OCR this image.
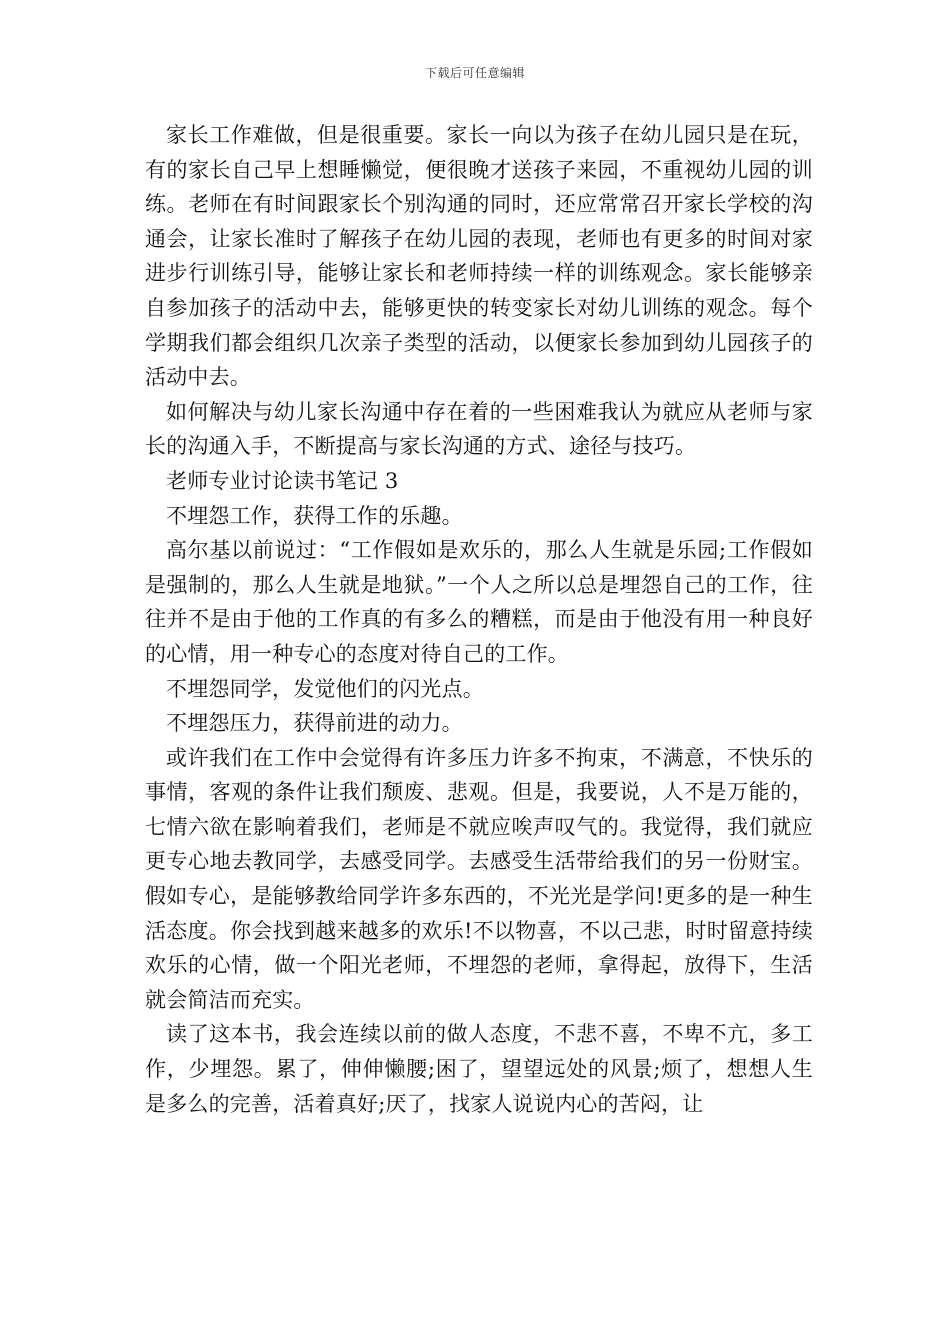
下载后可任意编辑

家长工作难做，但是很重要。家长一向以为孩子在幼儿园只是在玩，有的家长自己早上想睡懒觉，便很晚才送孩子来园，不重视幼儿园的训练。老师在有时间跟家长个别沟通的同时，还应常常召开家长学校的沟通会，让家长准时了解孩子在幼儿园的表现，老师也有更多的时间对家进步行训练引导，能够让家长和老师持续一样的训练观念。家长能够亲自参加孩子的活动中去，能够更快的转变家长对幼儿训练的观念。每个学期我们都会组织几次亲子类型的活动，以便家长参加到幼儿园孩子的活动中去。

如何解决与幼儿家长沟通中存在着的一些困难我认为就应从老师与家长的沟通入手，不断提高与家长沟通的方式、途径与技巧。

老师专业讨论读书笔记 3

不埋怨工作，获得工作的乐趣。

高尔基以前说过：“工作假如是欢乐的，那么人生就是乐园;工作假如是强制的，那么人生就是地狱。”一个人之所以总是埋怨自己的工作，往往并不是由于他的工作真的有多么的糟糕，而是由于他没有用一种良好的心情，用一种专心的态度对待自己的工作。

不埋怨同学，发觉他们的闪光点。

不埋怨压力，获得前进的动力。

或许我们在工作中会觉得有许多压力许多不拘束，不满意，不快乐的事情，客观的条件让我们颓废、悲观。但是，我要说，人不是万能的，七情六欲在影响着我们，老师是不就应唉声叹气的。我觉得，我们就应更专心地去教同学，去感受同学。去感受生活带给我们的另一份财宝。假如专心，是能够教给同学许多东西的，不光光是学问!更多的是一种生活态度。你会找到越来越多的欢乐!不以物喜，不以己悲，时时留意持续欢乐的心情，做一个阳光老师，不埋怨的老师，拿得起，放得下，生活就会简洁而充实。

读了这本书，我会连续以前的做人态度，不悲不喜，不卑不亢，多工作，少埋怨。累了，伸伸懒腰;困了，望望远处的风景;烦了，想想人生是多么的完善，活着真好;厌了，找家人说说内心的苦闷，让
